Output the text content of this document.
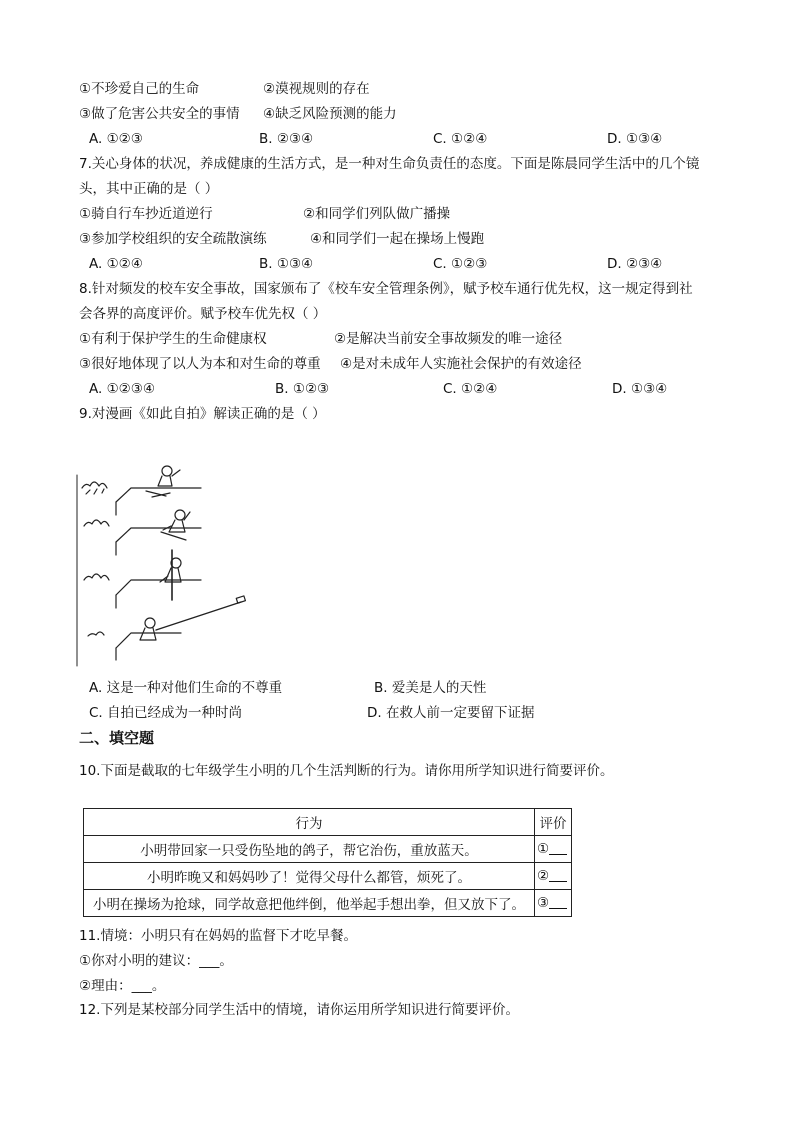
①不珍爱自己的生命	②漠视规则的存在
③做了危害公共安全的事情 ④缺乏风险预测的能力
A. ①②③	B. ②③④	C. ①②④	D. ①③④
7.关心身体的状况，养成健康的生活方式，是一种对生命负责任的态度。下面是陈晨同学生活中的几个镜
头，其中正确的是（ ）
①骑自行车抄近道逆行	②和同学们列队做广播操
③参加学校组织的安全疏散演练	④和同学们一起在操场上慢跑
A. ①②④	B. ①③④	C. ①②③	D. ②③④
8.针对频发的校车安全事故，国家颁布了《校车安全管理条例》，赋予校车通行优先权，这一规定得到社
会各界的高度评价。赋予校车优先权（ ）
①有利于保护学生的生命健康权	②是解决当前安全事故频发的唯一途径
③很好地体现了以人为本和对生命的尊重 ④是对未成年人实施社会保护的有效途径
A. ①②③④	B. ①②③	C. ①②④	D. ①③④
9.对漫画《如此自拍》解读正确的是（ ）
A. 这是一种对他们生命的不尊重	B. 爱美是人的天性
C. 自拍已经成为一种时尚	D. 在救人前一定要留下证据
二、填空题
10.下面是截取的七年级学生小明的几个生活判断的行为。请你用所学知识进行简要评价。
行为	评价
小明带回家一只受伤坠地的鸽子，帮它治伤，重放蓝天。	①
小明昨晚又和妈妈吵了！觉得父母什么都管，烦死了。	②
小明在操场为抢球，同学故意把他绊倒，他举起手想出拳，但又放下了。	③
11.情境：小明只有在妈妈的监督下才吃早餐。
①你对小明的建议：___。
②理由：___。
12.下列是某校部分同学生活中的情境，请你运用所学知识进行简要评价。
